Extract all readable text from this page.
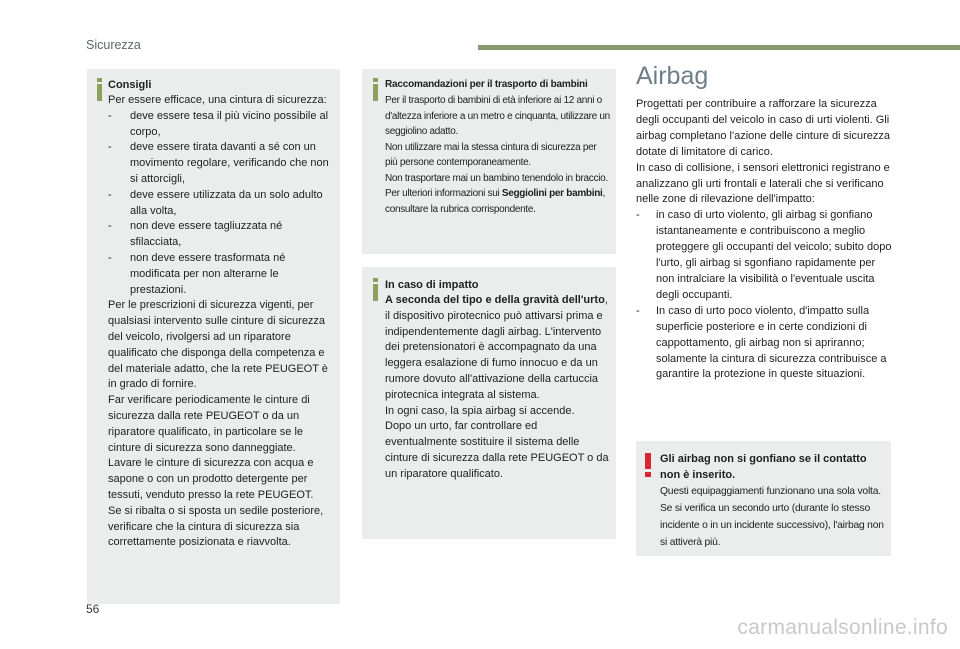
Sicurezza

Consigli

Per essere efficace, una cintura di sicurezza:

- deve essere tesa il più vicino possibile al corpo,
- deve essere tirata davanti a sé con un movimento regolare, verificando che non si attorcigli,
- deve essere utilizzata da un solo adulto alla volta,
- non deve essere tagliuzzata né sfilacciata,
- non deve essere trasformata né modificata per non alterarne le prestazioni.

Per le prescrizioni di sicurezza vigenti, per qualsiasi intervento sulle cinture di sicurezza del veicolo, rivolgersi ad un riparatore qualificato che disponga della competenza e del materiale adatto, che la rete PEUGEOT è in grado di fornire.

Far verificare periodicamente le cinture di sicurezza dalla rete PEUGEOT o da un riparatore qualificato, in particolare se le cinture di sicurezza sono danneggiate.

Lavare le cinture di sicurezza con acqua e sapone o con un prodotto detergente per tessuti, venduto presso la rete PEUGEOT.

Se si ribalta o si sposta un sedile posteriore, verificare che la cintura di sicurezza sia correttamente posizionata e riavvolta.

Raccomandazioni per il trasporto di bambini

Per il trasporto di bambini di età inferiore ai 12 anni o d'altezza inferiore a un metro e cinquanta, utilizzare un seggiolino adatto.

Non utilizzare mai la stessa cintura di sicurezza per più persone contemporaneamente.

Non trasportare mai un bambino tenendolo in braccio.

Per ulteriori informazioni sui Seggiolini per bambini, consultare la rubrica corrispondente.

In caso di impatto

A seconda del tipo e della gravità dell'urto, il dispositivo pirotecnico può attivarsi prima e indipendentemente dagli airbag. L'intervento dei pretensionatori è accompagnato da una leggera esalazione di fumo innocuo e da un rumore dovuto all'attivazione della cartuccia pirotecnica integrata al sistema.

In ogni caso, la spia airbag si accende.

Dopo un urto, far controllare ed eventualmente sostituire il sistema delle cinture di sicurezza dalla rete PEUGEOT o da un riparatore qualificato.

Airbag

Progettati per contribuire a rafforzare la sicurezza degli occupanti del veicolo in caso di urti violenti. Gli airbag completano l'azione delle cinture di sicurezza dotate di limitatore di carico.

In caso di collisione, i sensori elettronici registrano e analizzano gli urti frontali e laterali che si verificano nelle zone di rilevazione dell'impatto:

- in caso di urto violento, gli airbag si gonfiano istantaneamente e contribuiscono a meglio proteggere gli occupanti del veicolo; subito dopo l'urto, gli airbag si sgonfiano rapidamente per non intralciare la visibilità o l'eventuale uscita degli occupanti.
- In caso di urto poco violento, d'impatto sulla superficie posteriore e in certe condizioni di cappottamento, gli airbag non si apriranno; solamente la cintura di sicurezza contribuisce a garantire la protezione in queste situazioni.

Gli airbag non si gonfiano se il contatto non è inserito.

Questi equipaggiamenti funzionano una sola volta. Se si verifica un secondo urto (durante lo stesso incidente o in un incidente successivo), l'airbag non si attiverà più.

56
carmanualsonline.info
